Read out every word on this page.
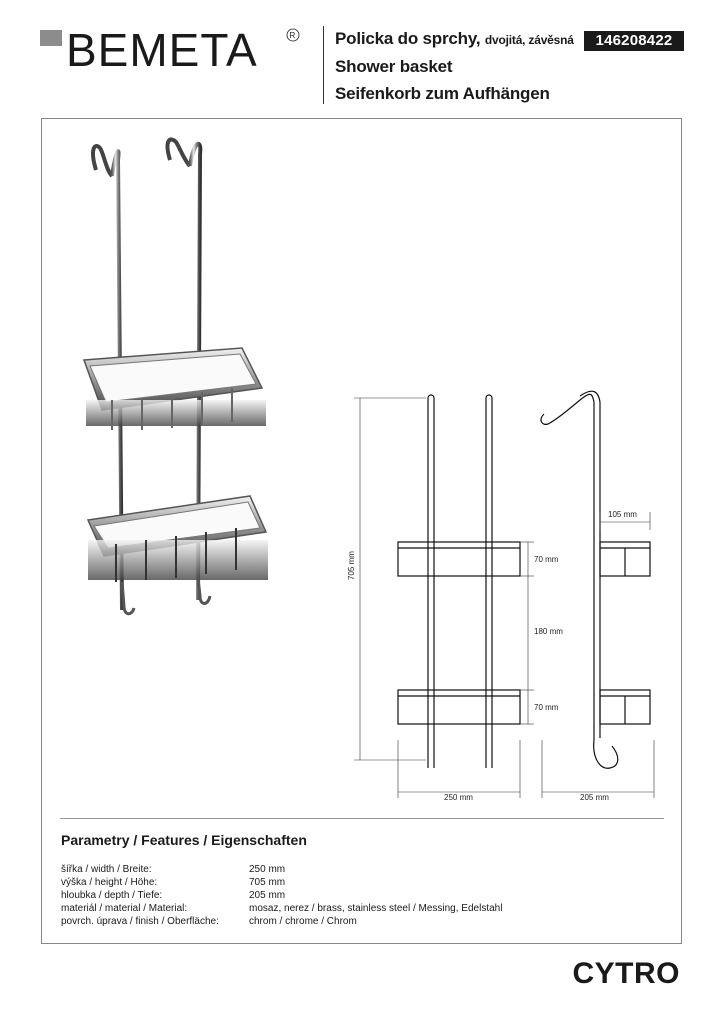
BEMETA	R Policka do sprchy, dvojitá, závěsná
Shower basket
Seifenkorb zum Aufhängen
146208422
705 mm
105 mm
70 mm
180 mm
70 mm
250 mm	205 mm
Parametry / Features / Eigenschaften
šířka / width / Breite:	250 mm
výška / height / Höhe:	705 mm
hloubka / depth / Tiefe:	205 mm
materiál / material / Material:	mosaz, nerez / brass, stainless steel / Messing, Edelstahl
povrch. úprava / finish / Oberfläche:	chrom / chrome / Chrom
CYTRO
